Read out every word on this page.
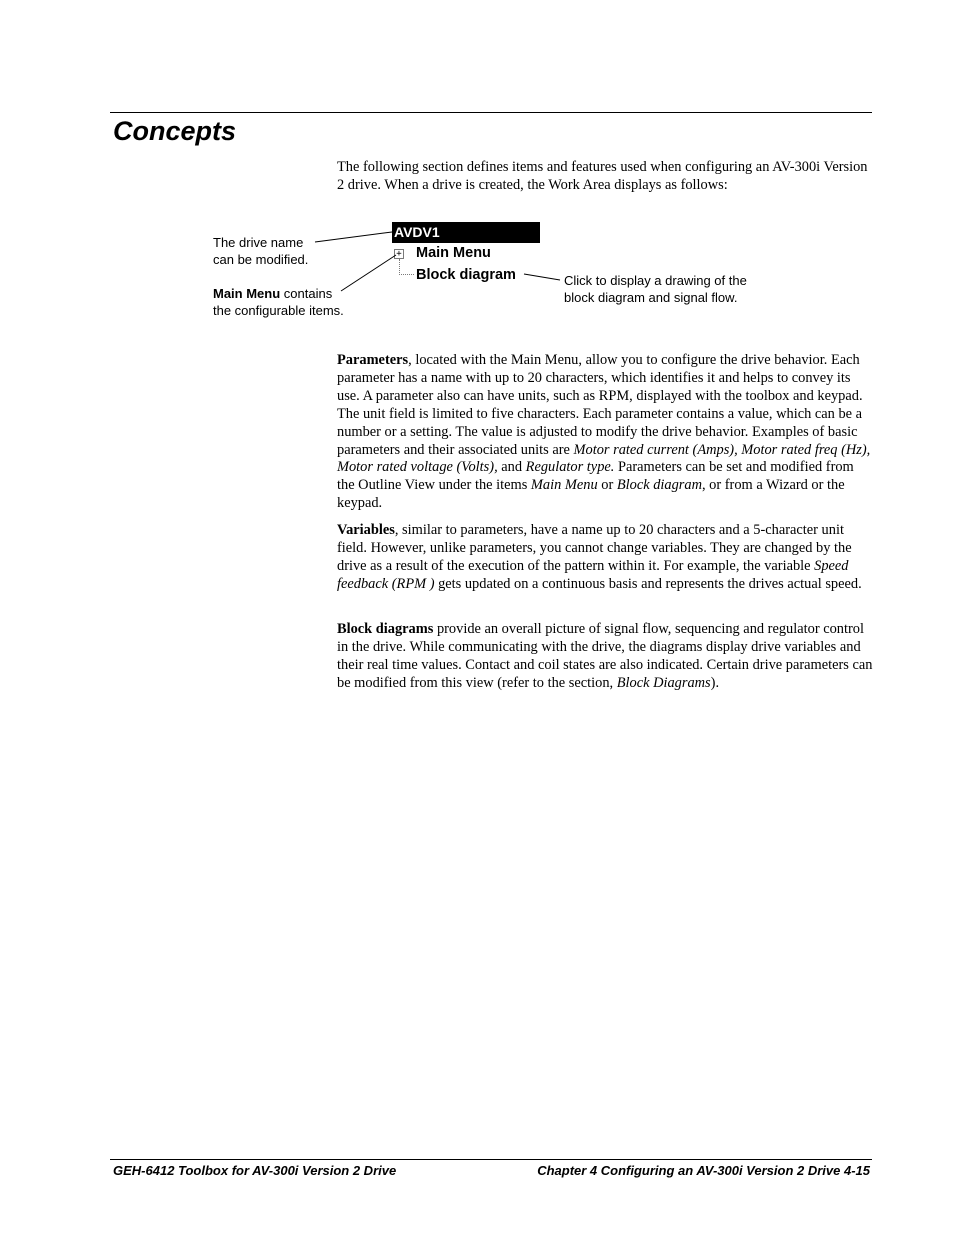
Concepts

The following section defines items and features used when configuring an AV-300i Version 2 drive. When a drive is created, the Work Area displays as follows:

AVDV1
+ Main Menu
Block diagram
The drive name
can be modified.
Main Menu contains
the configurable items.
Click to display a drawing of the
block diagram and signal flow.

Parameters, located with the Main Menu, allow you to configure the drive behavior. Each parameter has a name with up to 20 characters, which identifies it and helps to convey its use. A parameter also can have units, such as RPM, displayed with the toolbox and keypad. The unit field is limited to five characters. Each parameter contains a value, which can be a number or a setting. The value is adjusted to modify the drive behavior. Examples of basic parameters and their associated units are Motor rated current (Amps), Motor rated freq (Hz), Motor rated voltage (Volts), and Regulator type. Parameters can be set and modified from the Outline View under the items Main Menu or Block diagram, or from a Wizard or the keypad.

Variables, similar to parameters, have a name up to 20 characters and a 5-character unit field. However, unlike parameters, you cannot change variables. They are changed by the drive as a result of the execution of the pattern within it. For example, the variable Speed feedback (RPM ) gets updated on a continuous basis and represents the drives actual speed.

Block diagrams provide an overall picture of signal flow, sequencing and regulator control in the drive. While communicating with the drive, the diagrams display drive variables and their real time values. Contact and coil states are also indicated. Certain drive parameters can be modified from this view (refer to the section, Block Diagrams).

GEH-6412 Toolbox for AV-300i Version 2 Drive	Chapter 4 Configuring an AV-300i Version 2 Drive 4-15
